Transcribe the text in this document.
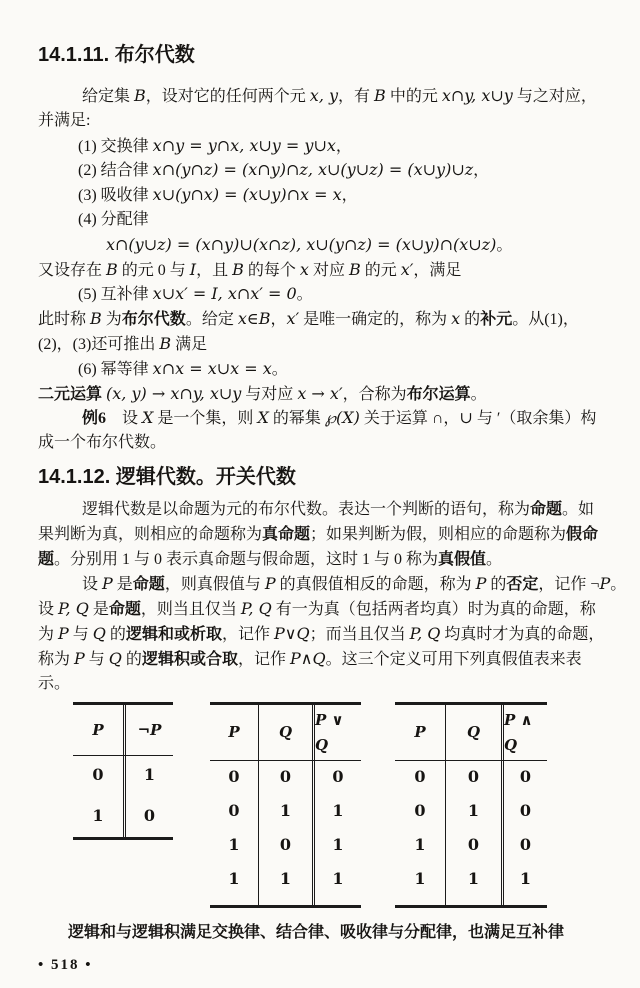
14.1.11. 布尔代数
给定集 B，设对它的任何两个元 x, y，有 B 中的元 x∩y, x∪y 与之对应，
并满足:
(1) 交换律 x∩y = y∩x, x∪y = y∪x，
(2) 结合律 x∩(y∩z) = (x∩y)∩z, x∪(y∪z) = (x∪y)∪z，
(3) 吸收律 x∪(y∩x) = (x∪y)∩x = x，
(4) 分配律
x∩(y∪z) = (x∩y)∪(x∩z), x∪(y∩z) = (x∪y)∩(x∪z)。
又设存在 B 的元 0 与 I，且 B 的每个 x 对应 B 的元 x′，满足
(5) 互补律 x∪x′ = I, x∩x′ = 0。
此时称 B 为布尔代数。给定 x∈B，x′ 是唯一确定的，称为 x 的补元。从(1)，
(2)，(3)还可推出 B 满足
(6) 幂等律 x∩x = x∪x = x。
二元运算 (x, y) → x∩y, x∪y 与对应 x → x′，合称为布尔运算。
例6　设 X 是一个集，则 X 的幂集 ℘(X) 关于运算 ∩，∪ 与 ′（取余集）构
成一个布尔代数。
14.1.12. 逻辑代数。开关代数
逻辑代数是以命题为元的布尔代数。表达一个判断的语句，称为命题。如
果判断为真，则相应的命题称为真命题；如果判断为假，则相应的命题称为假命
题。分别用 1 与 0 表示真命题与假命题，这时 1 与 0 称为真假值。
设 P 是命题，则真假值与 P 的真假值相反的命题，称为 P 的否定，记作 ¬P。
设 P, Q 是命题，则当且仅当 P, Q 有一为真（包括两者均真）时为真的命题，称
为 P 与 Q 的逻辑和或析取，记作 P∨Q；而当且仅当 P, Q 均真时才为真的命题，
称为 P 与 Q 的逻辑积或合取，记作 P∧Q。这三个定义可用下列真假值表来表
示。
P
0
1
¬P
1
0
P
0
0
1
1
Q
0
1
0
1
P ∨ Q
0
1
1
1
P
0
0
1
1
Q
0
1
0
1
P ∧ Q
0
0
0
1
逻辑和与逻辑积满足交换律、结合律、吸收律与分配律，也满足互补律
• 518 •
